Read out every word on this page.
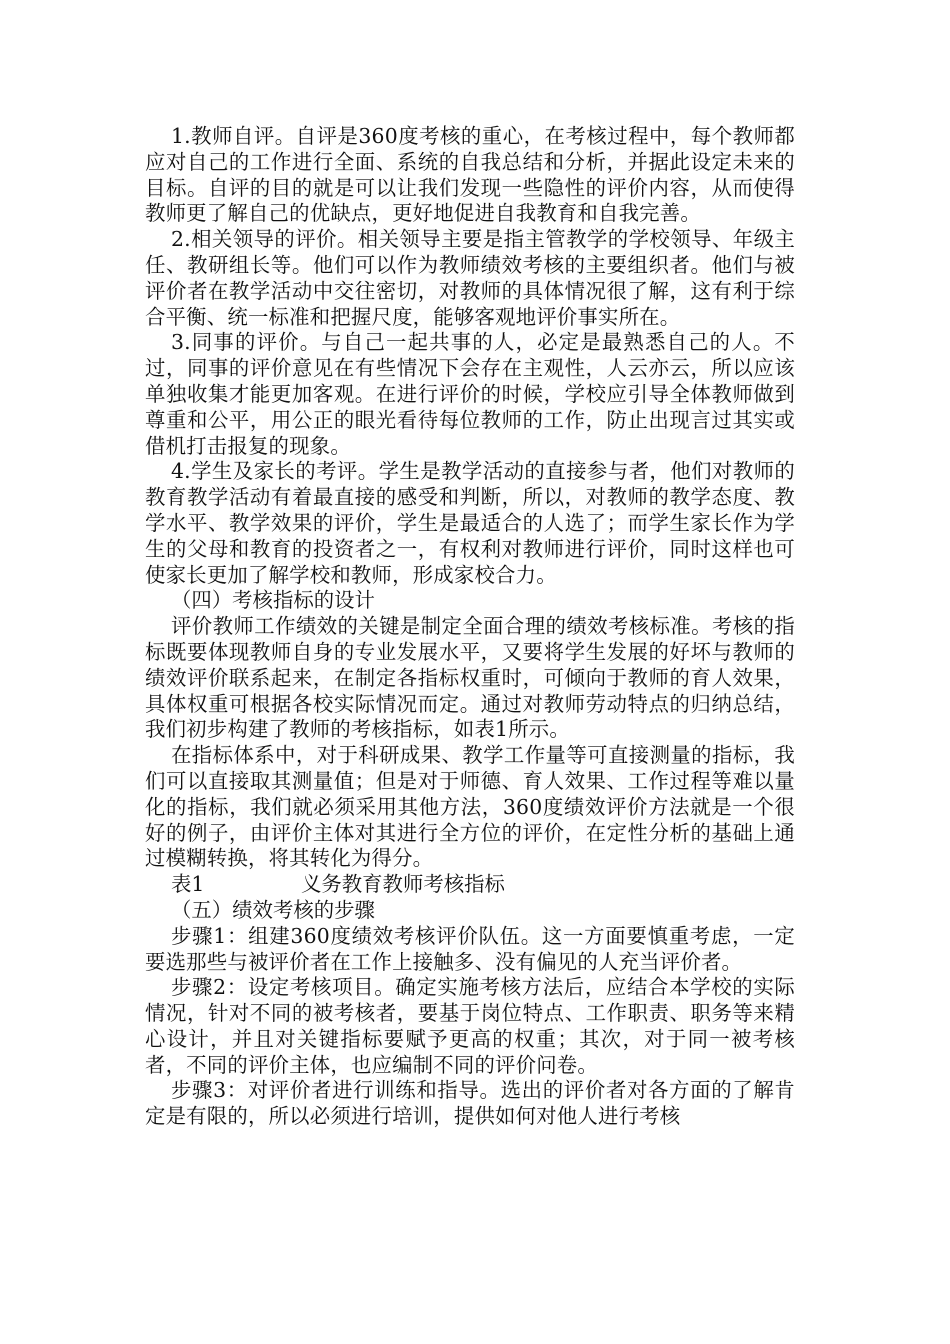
1.教师自评。自评是360度考核的重心，在考核过程中，每个教师都应对自己的工作进行全面、系统的自我总结和分析，并据此设定未来的目标。自评的目的就是可以让我们发现一些隐性的评价内容，从而使得教师更了解自己的优缺点，更好地促进自我教育和自我完善。

2.相关领导的评价。相关领导主要是指主管教学的学校领导、年级主任、教研组长等。他们可以作为教师绩效考核的主要组织者。他们与被评价者在教学活动中交往密切，对教师的具体情况很了解，这有利于综合平衡、统一标准和把握尺度，能够客观地评价事实所在。

3.同事的评价。与自己一起共事的人，必定是最熟悉自己的人。不过，同事的评价意见在有些情况下会存在主观性，人云亦云，所以应该单独收集才能更加客观。在进行评价的时候，学校应引导全体教师做到尊重和公平，用公正的眼光看待每位教师的工作，防止出现言过其实或借机打击报复的现象。

4.学生及家长的考评。学生是教学活动的直接参与者，他们对教师的教育教学活动有着最直接的感受和判断，所以，对教师的教学态度、教学水平、教学效果的评价，学生是最适合的人选了；而学生家长作为学生的父母和教育的投资者之一，有权利对教师进行评价，同时这样也可使家长更加了解学校和教师，形成家校合力。

（四）考核指标的设计

评价教师工作绩效的关键是制定全面合理的绩效考核标准。考核的指标既要体现教师自身的专业发展水平，又要将学生发展的好坏与教师的绩效评价联系起来，在制定各指标权重时，可倾向于教师的育人效果，具体权重可根据各校实际情况而定。通过对教师劳动特点的归纳总结，我们初步构建了教师的考核指标，如表1所示。

在指标体系中，对于科研成果、教学工作量等可直接测量的指标，我们可以直接取其测量值；但是对于师德、育人效果、工作过程等难以量化的指标，我们就必须采用其他方法，360度绩效评价方法就是一个很好的例子，由评价主体对其进行全方位的评价，在定性分析的基础上通过模糊转换，将其转化为得分。

表1	义务教育教师考核指标

（五）绩效考核的步骤

步骤1：组建360度绩效考核评价队伍。这一方面要慎重考虑，一定要选那些与被评价者在工作上接触多、没有偏见的人充当评价者。

步骤2：设定考核项目。确定实施考核方法后，应结合本学校的实际情况，针对不同的被考核者，要基于岗位特点、工作职责、职务等来精心设计，并且对关键指标要赋予更高的权重；其次，对于同一被考核者，不同的评价主体，也应编制不同的评价问卷。

步骤3：对评价者进行训练和指导。选出的评价者对各方面的了解肯定是有限的，所以必须进行培训，提供如何对他人进行考核
